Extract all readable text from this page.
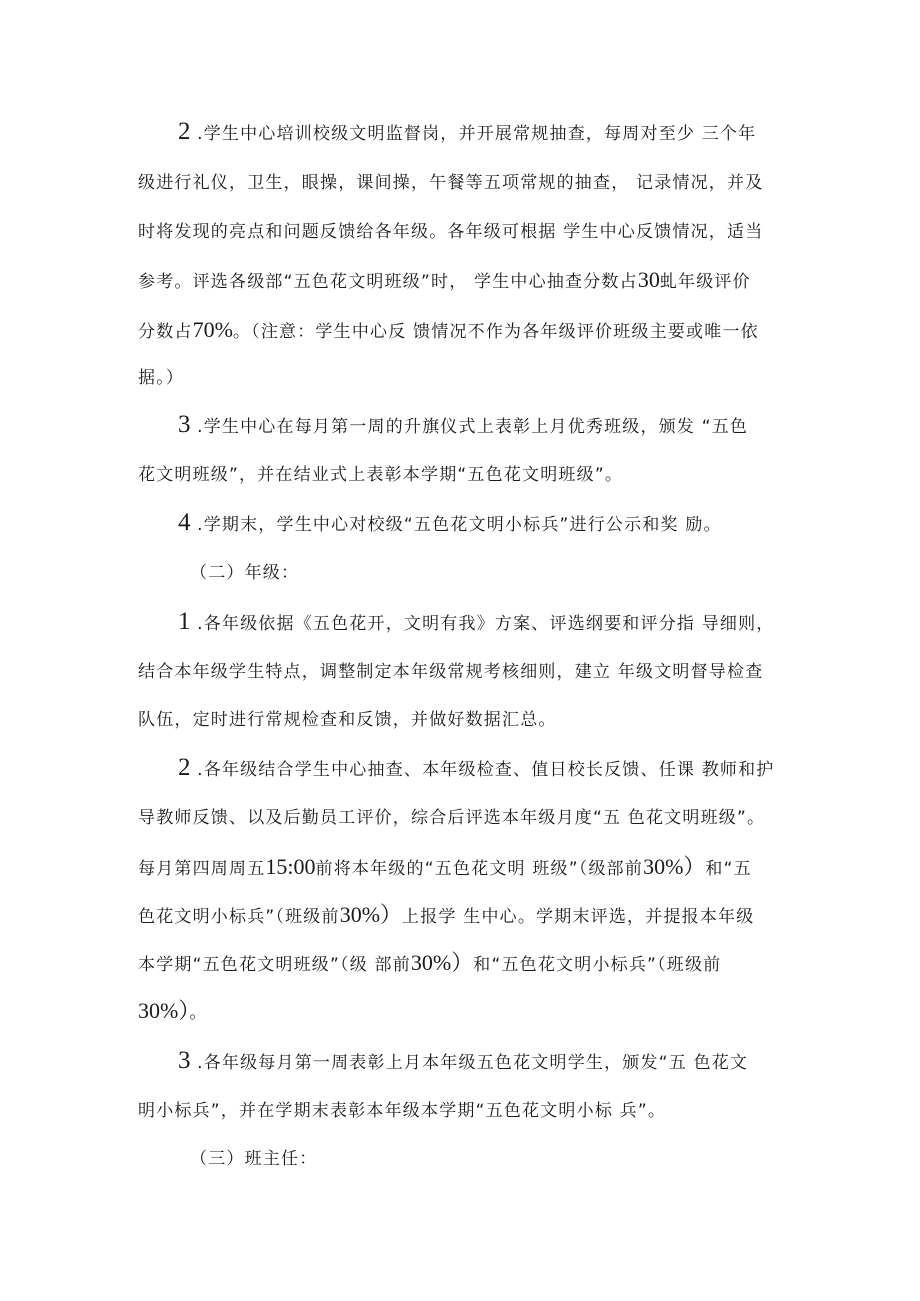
2 .学生中心培训校级文明监督岗，并开展常规抽查，每周对至少 三个年
级进行礼仪，卫生，眼操，课间操，午餐等五项常规的抽查， 记录情况，并及
时将发现的亮点和问题反馈给各年级。各年级可根据 学生中心反馈情况，适当
参考。评选各级部“五色花文明班级”时， 学生中心抽查分数占30虬年级评价
分数占70%。（注意：学生中心反 馈情况不作为各年级评价班级主要或唯一依
据。）
3 .学生中心在每月第一周的升旗仪式上表彰上月优秀班级，颁发 “五色
花文明班级”，并在结业式上表彰本学期“五色花文明班级”。
4 .学期末，学生中心对校级“五色花文明小标兵”进行公示和奖 励。
（二）年级：
1 .各年级依据《五色花开，文明有我》方案、评选纲要和评分指 导细则，
结合本年级学生特点，调整制定本年级常规考核细则，建立 年级文明督导检查
队伍，定时进行常规检查和反馈，并做好数据汇总。
2 .各年级结合学生中心抽查、本年级检查、值日校长反馈、任课 教师和护
导教师反馈、以及后勤员工评价，综合后评选本年级月度“五 色花文明班级”。
每月第四周周五15:00前将本年级的“五色花文明 班级”（级部前30%）和“五
色花文明小标兵”（班级前30%）上报学 生中心。学期末评选，并提报本年级
本学期“五色花文明班级”（级 部前30%）和“五色花文明小标兵”（班级前
30%）。
3 .各年级每月第一周表彰上月本年级五色花文明学生，颁发“五 色花文
明小标兵”，并在学期末表彰本年级本学期“五色花文明小标 兵”。
（三）班主任：
